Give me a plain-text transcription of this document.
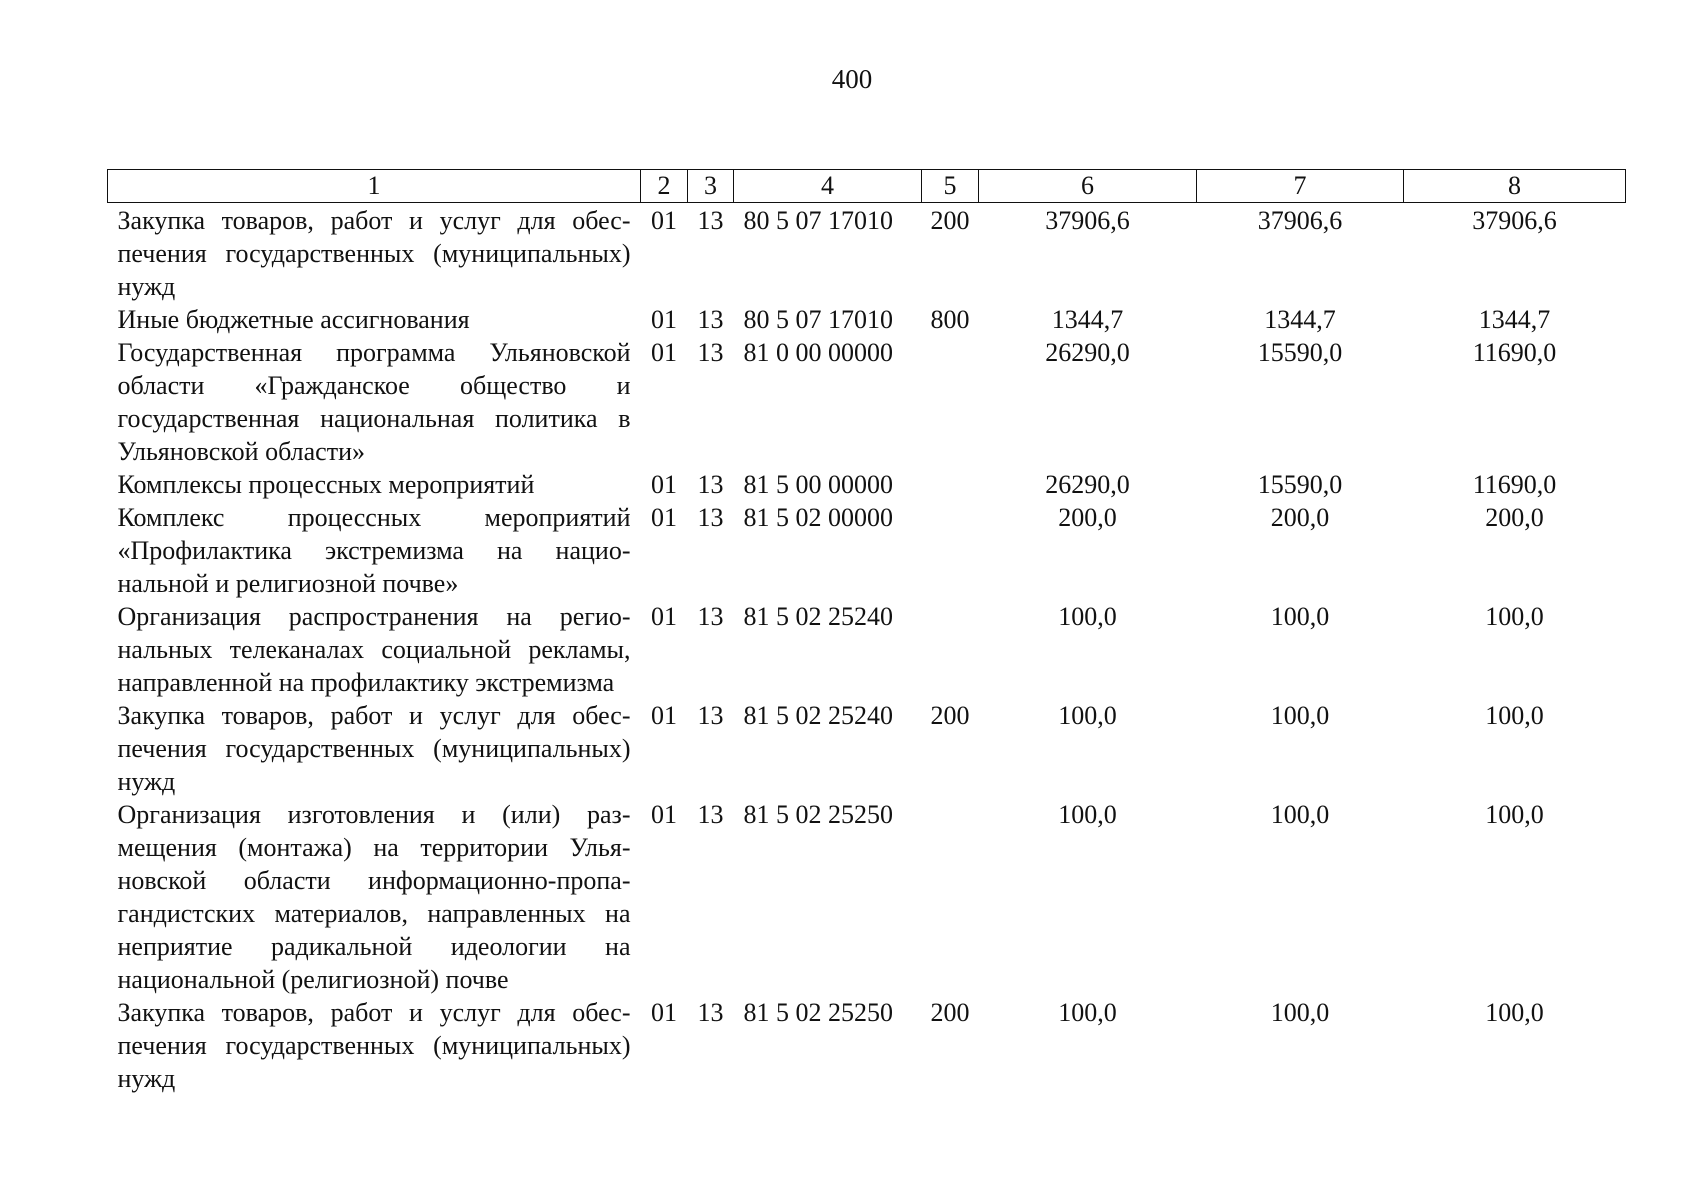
400
1	2	3	4	5	6	7	8
Закупка товаров, работ и услуг для обеспечения государственных (муниципальных) нужд	01	13	80 5 07 17010	200	37906,6	37906,6	37906,6
Иные бюджетные ассигнования	01	13	80 5 07 17010	800	1344,7	1344,7	1344,7
Государственная программа Ульяновской области «Гражданское общество и государственная национальная политика в Ульяновской области»	01	13	81 0 00 00000		26290,0	15590,0	11690,0
Комплексы процессных мероприятий	01	13	81 5 00 00000		26290,0	15590,0	11690,0
Комплекс процессных мероприятий «Профилактика экстремизма на национальной и религиозной почве»	01	13	81 5 02 00000		200,0	200,0	200,0
Организация распространения на региональных телеканалах социальной рекламы, направленной на профилактику экстремизма	01	13	81 5 02 25240		100,0	100,0	100,0
Закупка товаров, работ и услуг для обеспечения государственных (муниципальных) нужд	01	13	81 5 02 25240	200	100,0	100,0	100,0
Организация изготовления и (или) размещения (монтажа) на территории Ульяновской области информационно-пропагандистских материалов, направленных на неприятие радикальной идеологии на национальной (религиозной) почве	01	13	81 5 02 25250		100,0	100,0	100,0
Закупка товаров, работ и услуг для обеспечения государственных (муниципальных) нужд	01	13	81 5 02 25250	200	100,0	100,0	100,0
